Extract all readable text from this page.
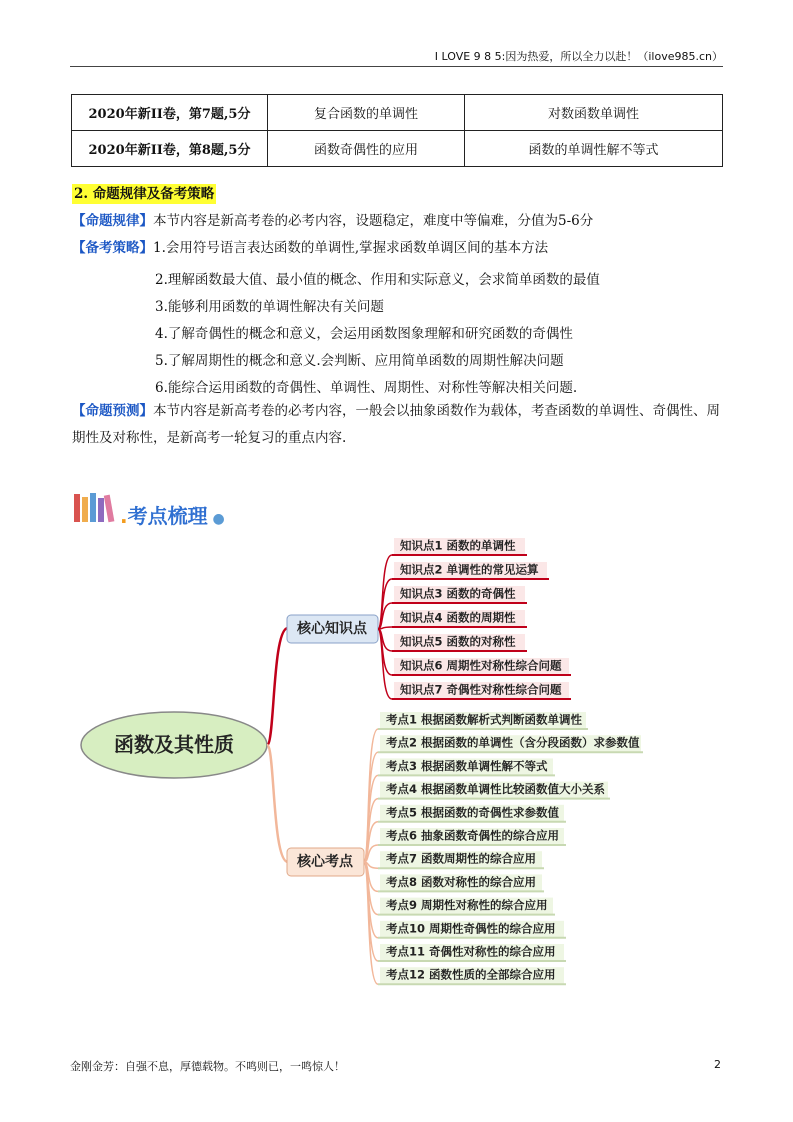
I LOVE 9 8 5:因为热爱，所以全力以赴！（ilove985.cn）
2020年新II卷，第7题,5分	复合函数的单调性	对数函数单调性
2020年新II卷，第8题,5分	函数奇偶性的应用	函数的单调性解不等式
2. 命题规律及备考策略
【命题规律】本节内容是新高考卷的必考内容，设题稳定，难度中等偏难，分值为5-6分
【备考策略】1.会用符号语言表达函数的单调性,掌握求函数单调区间的基本方法
2.理解函数最大值、最小值的概念、作用和实际意义，会求简单函数的最值
3.能够利用函数的单调性解决有关问题
4.了解奇偶性的概念和意义，会运用函数图象理解和研究函数的奇偶性
5.了解周期性的概念和意义.会判断、应用简单函数的周期性解决问题
6.能综合运用函数的奇偶性、单调性、周期性、对称性等解决相关问题.
【命题预测】本节内容是新高考卷的必考内容，一般会以抽象函数作为载体，考查函数的单调性、奇偶性、周期性及对称性，是新高考一轮复习的重点内容.
.考点梳理 ●
函数及其性质
核心知识点
核心考点
知识点1 函数的单调性
知识点2 单调性的常见运算
知识点3 函数的奇偶性
知识点4 函数的周期性
知识点5 函数的对称性
知识点6 周期性对称性综合问题
知识点7 奇偶性对称性综合问题
考点1 根据函数解析式判断函数单调性
考点2 根据函数的单调性（含分段函数）求参数值
考点3 根据函数单调性解不等式
考点4 根据函数单调性比较函数值大小关系
考点5 根据函数的奇偶性求参数值
考点6 抽象函数奇偶性的综合应用
考点7 函数周期性的综合应用
考点8 函数对称性的综合应用
考点9 周期性对称性的综合应用
考点10 周期性奇偶性的综合应用
考点11 奇偶性对称性的综合应用
考点12 函数性质的全部综合应用
金刚金芳：自强不息，厚德载物。不鸣则已，一鸣惊人！	2
